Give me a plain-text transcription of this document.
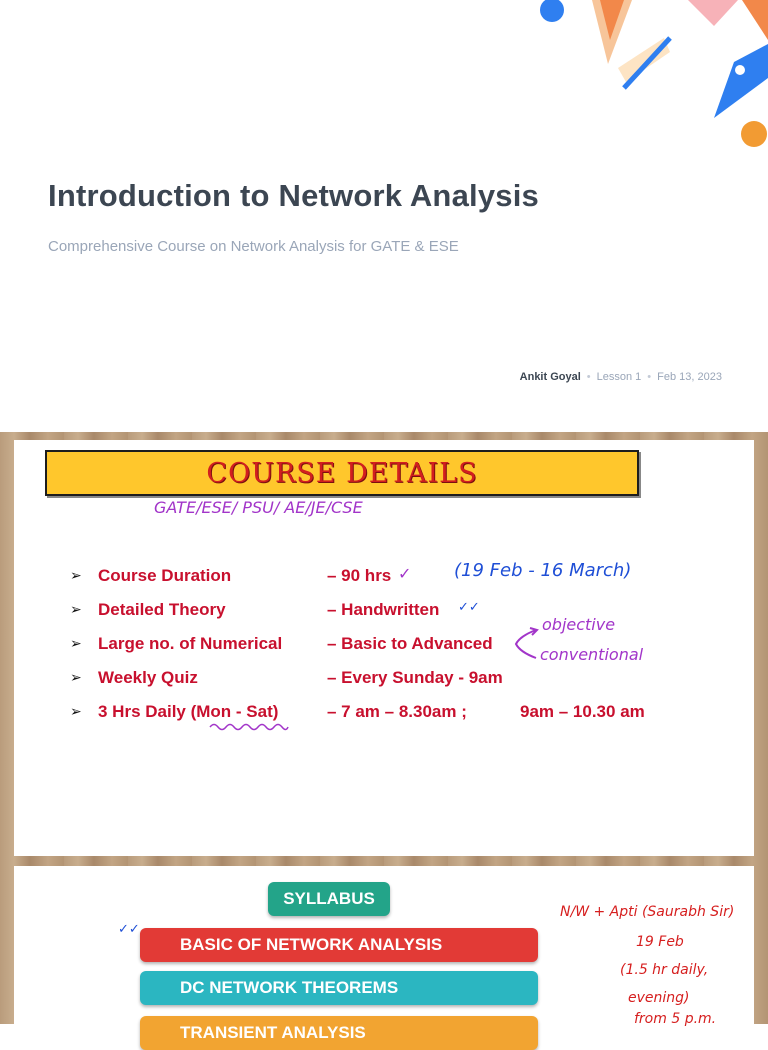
Introduction to Network Analysis

Comprehensive Course on Network Analysis for GATE & ESE

Ankit Goyal • Lesson 1 • Feb 13, 2023
COURSE DETAILS
GATE/ESE/ PSU/ AE/JE/CSE
➢ Course Duration	– 90 hrs
➢ Detailed Theory	– Handwritten
➢ Large no. of Numerical	– Basic to Advanced
➢ Weekly Quiz	– Every Sunday - 9am
➢ 3 Hrs Daily (Mon - Sat)	– 7 am – 8.30am ;	9am – 10.30 am
✓ (19 Feb - 16 March)
✓✓
objective
conventional
SYLLABUS
BASIC OF NETWORK ANALYSIS
DC NETWORK THEOREMS
TRANSIENT ANALYSIS
✓✓
N/W + Apti (Saurabh Sir)
19 Feb
(1.5 hr daily,
evening)
from 5 p.m.
